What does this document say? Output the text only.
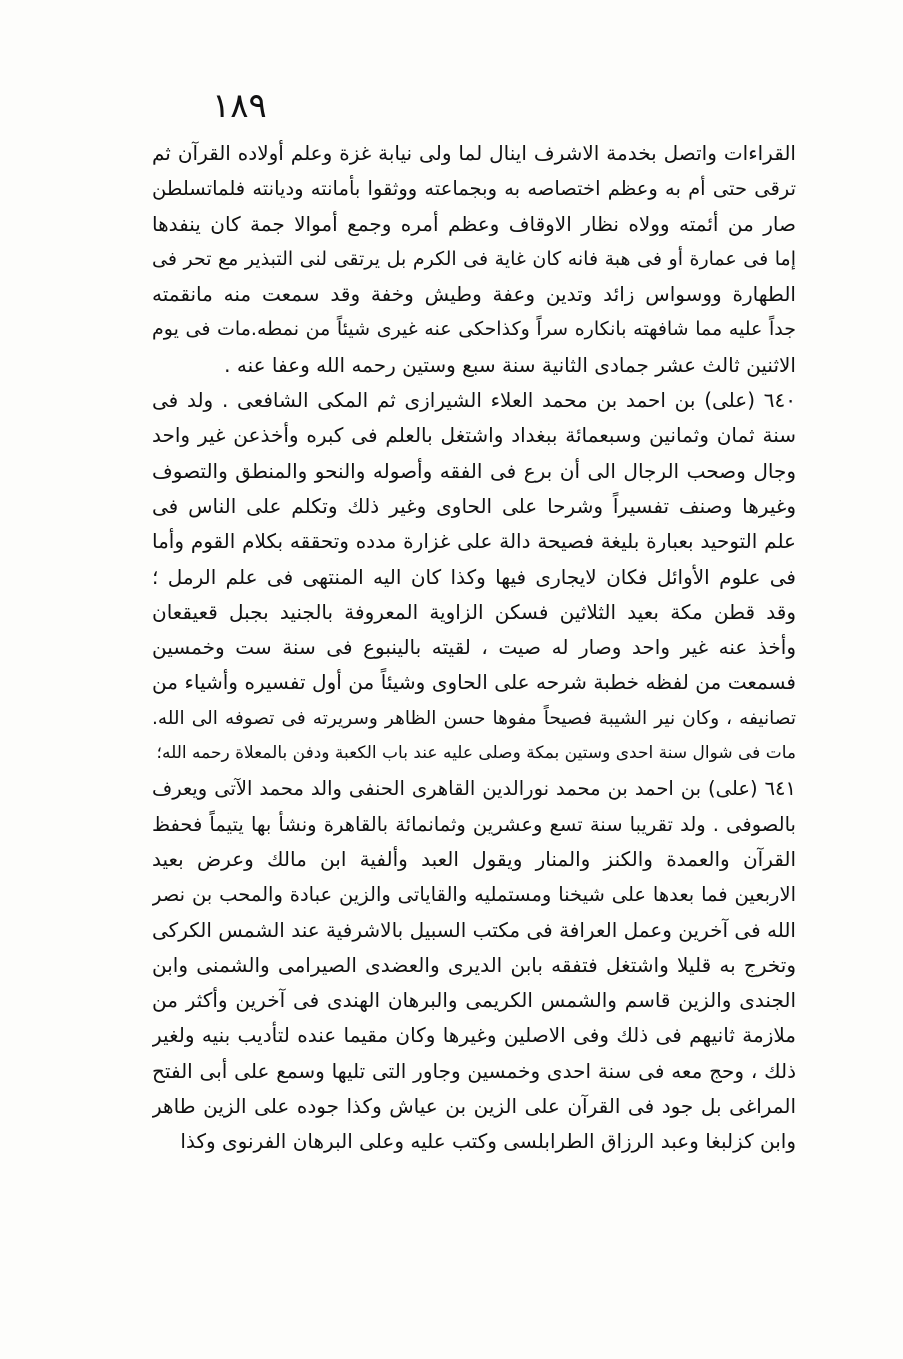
١٨٩
القراءات واتصل بخدمة الاشرف اينال لما ولى نيابة غزة وعلم أولاده القرآن ثم
ترقى حتى أم به وعظم اختصاصه به وبجماعته ووثقوا بأمانته وديانته فلماتسلطن
صار من أئمته وولاه نظار الاوقاف وعظم أمره وجمع أموالا جمة كان ينفدها
إما فى عمارة أو فى هبة فانه كان غاية فى الكرم بل يرتقى لنى التبذير مع تحر فى
الطهارة ووسواس زائد وتدين وعفة وطيش وخفة وقد سمعت منه مانقمته
جداً عليه مما شافهته بانكاره سراً وكذاحكى عنه غيرى شيئاً من نمطه.مات فى يوم
الاثنين ثالث عشر جمادى الثانية سنة سبع وستين رحمه الله وعفا عنه .
٦٤٠ (على) بن احمد بن محمد العلاء الشيرازى ثم المكى الشافعى . ولد فى
سنة ثمان وثمانين وسبعمائة ببغداد واشتغل بالعلم فى كبره وأخذعن غير واحد
وجال وصحب الرجال الى أن برع فى الفقه وأصوله والنحو والمنطق والتصوف
وغيرها وصنف تفسيراً وشرحا على الحاوى وغير ذلك وتكلم على الناس فى
علم التوحيد بعبارة بليغة فصيحة دالة على غزارة مدده وتحققه بكلام القوم وأما
فى علوم الأوائل فكان لايجارى فيها وكذا كان اليه المنتهى فى علم الرمل ؛
وقد قطن مكة بعيد الثلاثين فسكن الزاوية المعروفة بالجنيد بجبل قعيقعان
وأخذ عنه غير واحد وصار له صيت ، لقيته بالينبوع فى سنة ست وخمسين
فسمعت من لفظه خطبة شرحه على الحاوى وشيئاً من أول تفسيره وأشياء من
تصانيفه ، وكان نير الشيبة فصيحاً مفوها حسن الظاهر وسريرته فى تصوفه الى الله.
مات فى شوال سنة احدى وستين بمكة وصلى عليه عند باب الكعبة ودفن بالمعلاة رحمه الله؛
٦٤١ (على) بن احمد بن محمد نورالدين القاهرى الحنفى والد محمد الآتى ويعرف
بالصوفى . ولد تقريبا سنة تسع وعشرين وثمانمائة بالقاهرة ونشأ بها يتيماً فحفظ
القرآن والعمدة والكنز والمنار ويقول العبد وألفية ابن مالك وعرض بعيد
الاربعين فما بعدها على شيخنا ومستمليه والقاياتى والزين عبادة والمحب بن نصر
الله فى آخرين وعمل العرافة فى مكتب السبيل بالاشرفية عند الشمس الكركى
وتخرج به قليلا واشتغل فتفقه بابن الديرى والعضدى الصيرامى والشمنى وابن
الجندى والزين قاسم والشمس الكريمى والبرهان الهندى فى آخرين وأكثر من
ملازمة ثانيهم فى ذلك وفى الاصلين وغيرها وكان مقيما عنده لتأديب بنيه ولغير
ذلك ، وحج معه فى سنة احدى وخمسين وجاور التى تليها وسمع على أبى الفتح
المراغى بل جود فى القرآن على الزين بن عياش وكذا جوده على الزين طاهر
وابن كزلبغا وعبد الرزاق الطرابلسى وكتب عليه وعلى البرهان الفرنوى وكذا
